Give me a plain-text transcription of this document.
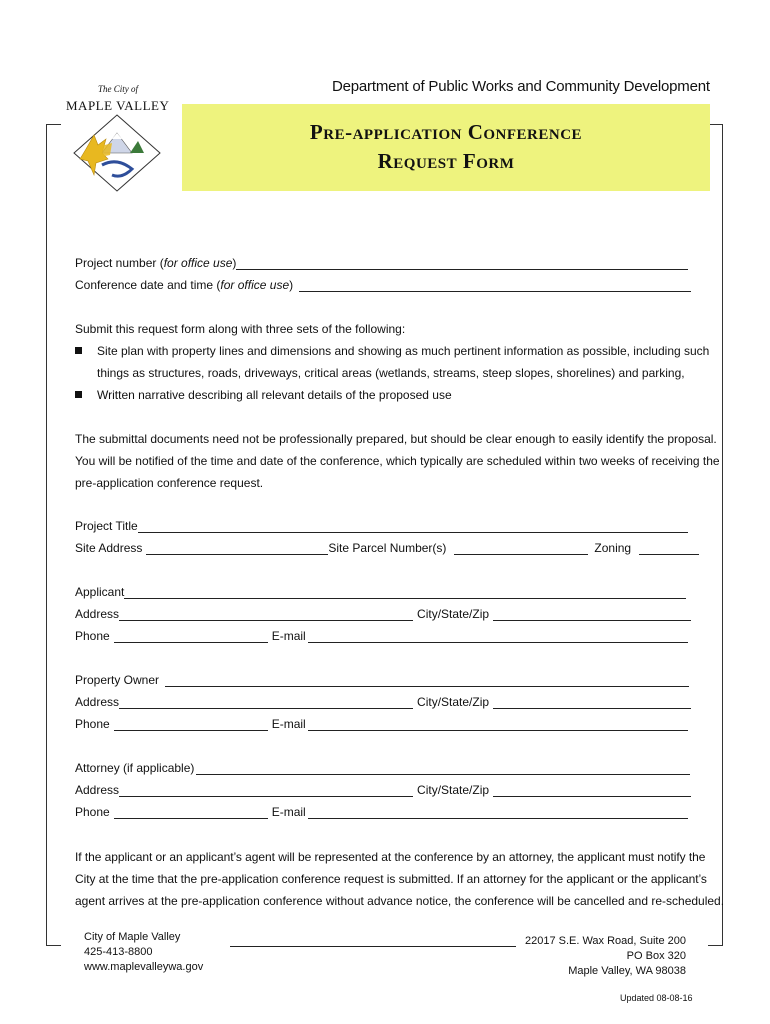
Department of Public Works and Community Development
The City of
MAPLE VALLEY
Pre-application Conference
Request Form
Project number ( for office use )
Conference date and time ( for office use )
Submit this request form along with three sets of the following:
Site plan with property lines and dimensions and showing as much pertinent information as possible, including such
things as structures, roads, driveways, critical areas (wetlands, streams, steep slopes, shorelines) and parking,
Written narrative describing all relevant details of the proposed use
The submittal documents need not be professionally prepared, but should be clear enough to easily identify the proposal.
You will be notified of the time and date of the conference, which typically are scheduled within two weeks of receiving the
pre-application conference request.
Project Title
Site Address	Site Parcel Number(s)	Zoning
Applicant
Address	City/State/Zip
Phone	E-mail
Property Owner
Address	City/State/Zip
Phone	E-mail
Attorney (if applicable)
Address	City/State/Zip
Phone	E-mail
If the applicant or an applicant’s agent will be represented at the conference by an attorney, the applicant must notify the
City at the time that the pre-application conference request is submitted. If an attorney for the applicant or the applicant’s
agent arrives at the pre-application conference without advance notice, the conference will be cancelled and re-scheduled.
City of Maple Valley
425-413-8800
www.maplevalleywa.gov
22017 S.E. Wax Road, Suite 200
PO Box 320
Maple Valley, WA 98038
Updated 08-08-16
